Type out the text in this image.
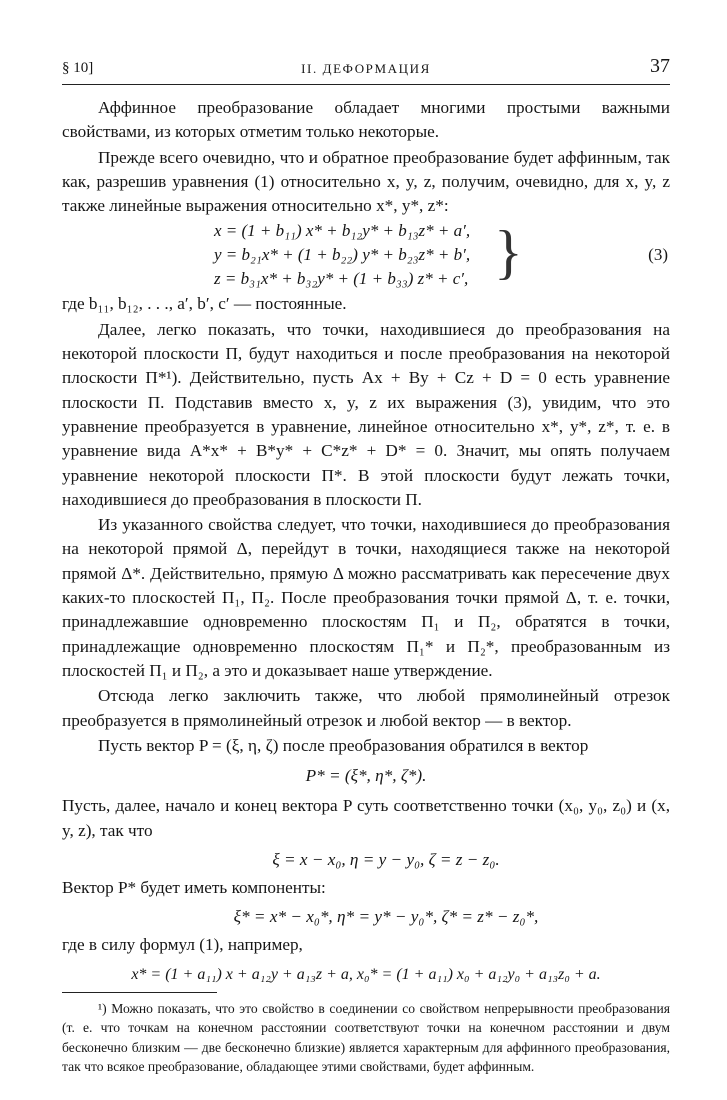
§ 10]	II. ДЕФОРМАЦИЯ	37

Аффинное преобразование обладает многими простыми важными свойствами, из которых отметим только некоторые.

Прежде всего очевидно, что и обратное преобразование будет аффинным, так как, разрешив уравнения (1) относительно x, y, z, получим, очевидно, для x, y, z также линейные выражения относительно x*, y*, z*:

x = (1 + b₁₁) x* + b₁₂y* + b₁₃z* + a′,
y = b₂₁x* + (1 + b₂₂) y* + b₂₃z* + b′,
z = b₃₁x* + b₃₂y* + (1 + b₃₃) z* + c′, }	(3)

где b₁₁, b₁₂, . . ., a′, b′, c′ — постоянные.

Далее, легко показать, что точки, находившиеся до преобразования на некоторой плоскости Π, будут находиться и после преобразования на некоторой плоскости Π*¹). Действительно, пусть Ax + By + Cz + D = 0 есть уравнение плоскости Π. Подставив вместо x, y, z их выражения (3), увидим, что это уравнение преобразуется в уравнение, линейное относительно x*, y*, z*, т. е. в уравнение вида A*x* + B*y* + C*z* + D* = 0. Значит, мы опять получаем уравнение некоторой плоскости Π*. В этой плоскости будут лежать точки, находившиеся до преобразования в плоскости Π.

Из указанного свойства следует, что точки, находившиеся до преобразования на некоторой прямой Δ, перейдут в точки, находящиеся также на некоторой прямой Δ*. Действительно, прямую Δ можно рассматривать как пересечение двух каких-то плоскостей Π₁, Π₂. После преобразования точки прямой Δ, т. е. точки, принадлежавшие одновременно плоскостям Π₁ и Π₂, обратятся в точки, принадлежащие одновременно плоскостям Π₁* и Π₂*, преобразованным из плоскостей Π₁ и Π₂, а это и доказывает наше утверждение.

Отсюда легко заключить также, что любой прямолинейный отрезок преобразуется в прямолинейный отрезок и любой вектор — в вектор.

Пусть вектор P = (ξ, η, ζ) после преобразования обратился в вектор

P* = (ξ*, η*, ζ*).

Пусть, далее, начало и конец вектора P суть соответственно точки (x₀, y₀, z₀) и (x, y, z), так что

ξ = x − x₀, η = y − y₀, ζ = z − z₀.

Вектор P* будет иметь компоненты:

ξ* = x* − x₀*, η* = y* − y₀*, ζ* = z* − z₀*,

где в силу формул (1), например,

x* = (1 + a₁₁) x + a₁₂y + a₁₃z + a, x₀* = (1 + a₁₁) x₀ + a₁₂y₀ + a₁₃z₀ + a.

¹) Можно показать, что это свойство в соединении со свойством непрерывности преобразования (т. е. что точкам на конечном расстоянии соответствуют точки на конечном расстоянии и двум бесконечно близким — две бесконечно близкие) является характерным для аффинного преобразования, так что всякое преобразование, обладающее этими свойствами, будет аффинным.
